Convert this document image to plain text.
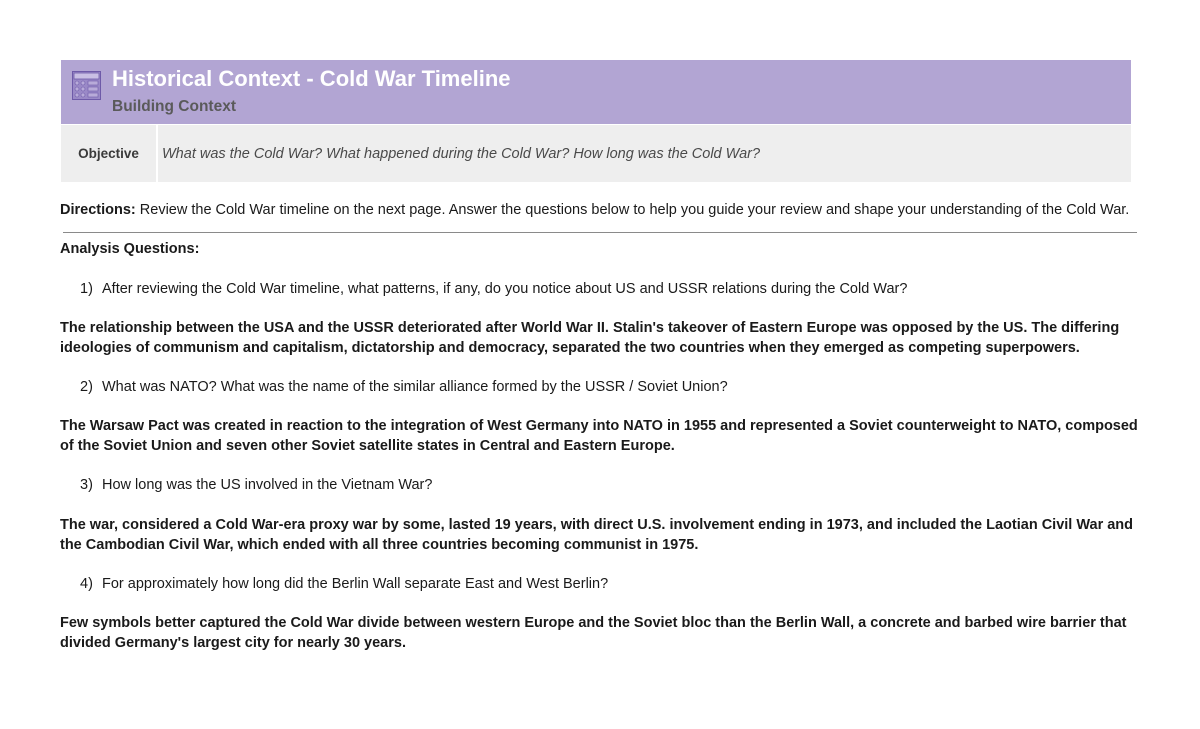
Historical Context - Cold War Timeline
Building Context
Objective	What was the Cold War? What happened during the Cold War? How long was the Cold War?
Directions: Review the Cold War timeline on the next page. Answer the questions below to help you guide your review and shape your understanding of the Cold War.
Analysis Questions:
1) After reviewing the Cold War timeline, what patterns, if any, do you notice about US and USSR relations during the Cold War?
The relationship between the USA and the USSR deteriorated after World War II. Stalin's takeover of Eastern Europe was opposed by the US. The differing ideologies of communism and capitalism, dictatorship and democracy, separated the two countries when they emerged as competing superpowers.
2) What was NATO? What was the name of the similar alliance formed by the USSR / Soviet Union?
The Warsaw Pact was created in reaction to the integration of West Germany into NATO in 1955 and represented a Soviet counterweight to NATO, composed of the Soviet Union and seven other Soviet satellite states in Central and Eastern Europe.
3) How long was the US involved in the Vietnam War?
The war, considered a Cold War-era proxy war by some, lasted 19 years, with direct U.S. involvement ending in 1973, and included the Laotian Civil War and the Cambodian Civil War, which ended with all three countries becoming communist in 1975.
4) For approximately how long did the Berlin Wall separate East and West Berlin?
Few symbols better captured the Cold War divide between western Europe and the Soviet bloc than the Berlin Wall, a concrete and barbed wire barrier that divided Germany's largest city for nearly 30 years.
